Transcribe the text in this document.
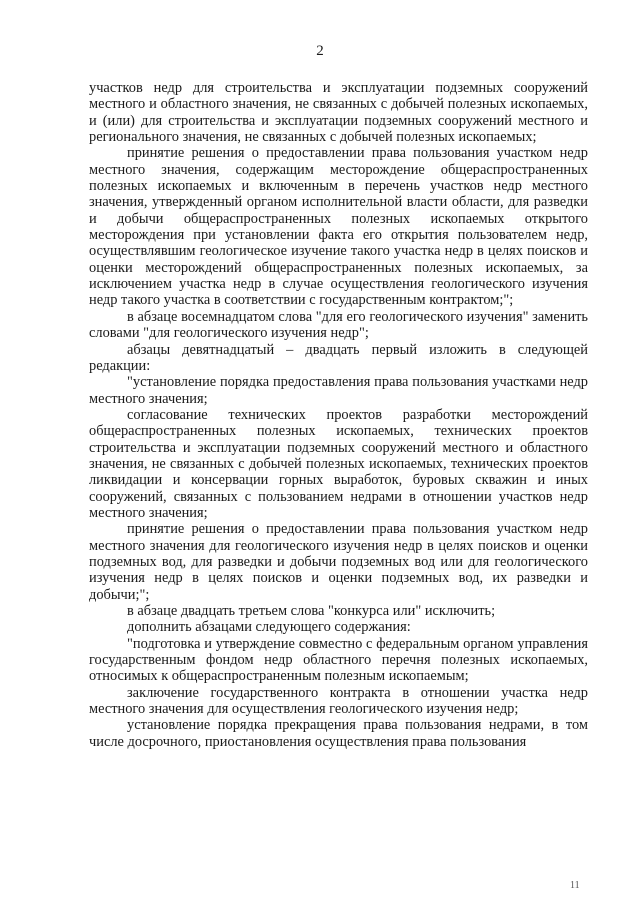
2

участков недр для строительства и эксплуатации подземных сооружений местного и областного значения, не связанных с добычей полезных ископаемых, и (или) для строительства и эксплуатации подземных сооружений местного и регионального значения, не связанных с добычей полезных ископаемых;

принятие решения о предоставлении права пользования участком недр местного значения, содержащим месторождение общераспространенных полезных ископаемых и включенным в перечень участков недр местного значения, утвержденный органом исполнительной власти области, для разведки и добычи общераспространенных полезных ископаемых открытого месторождения при установлении факта его открытия пользователем недр, осуществлявшим геологическое изучение такого участка недр в целях поисков и оценки месторождений общераспространенных полезных ископаемых, за исключением участка недр в случае осуществления геологического изучения недр такого участка в соответствии с государственным контрактом;";

в абзаце восемнадцатом слова "для его геологического изучения" заменить словами "для геологического изучения недр";

абзацы девятнадцатый – двадцать первый изложить в следующей редакции:

"установление порядка предоставления права пользования участками недр местного значения;

согласование технических проектов разработки месторождений общераспространенных полезных ископаемых, технических проектов строительства и эксплуатации подземных сооружений местного и областного значения, не связанных с добычей полезных ископаемых, технических проектов ликвидации и консервации горных выработок, буровых скважин и иных сооружений, связанных с пользованием недрами в отношении участков недр местного значения;

принятие решения о предоставлении права пользования участком недр местного значения для геологического изучения недр в целях поисков и оценки подземных вод, для разведки и добычи подземных вод или для геологического изучения недр в целях поисков и оценки подземных вод, их разведки и добычи;";

в абзаце двадцать третьем слова "конкурса или" исключить;

дополнить абзацами следующего содержания:

"подготовка и утверждение совместно с федеральным органом управления государственным фондом недр областного перечня полезных ископаемых, относимых к общераспространенным полезным ископаемым;

заключение государственного контракта в отношении участка недр местного значения для осуществления геологического изучения недр;

установление порядка прекращения права пользования недрами, в том числе досрочного, приостановления осуществления права пользования

11
